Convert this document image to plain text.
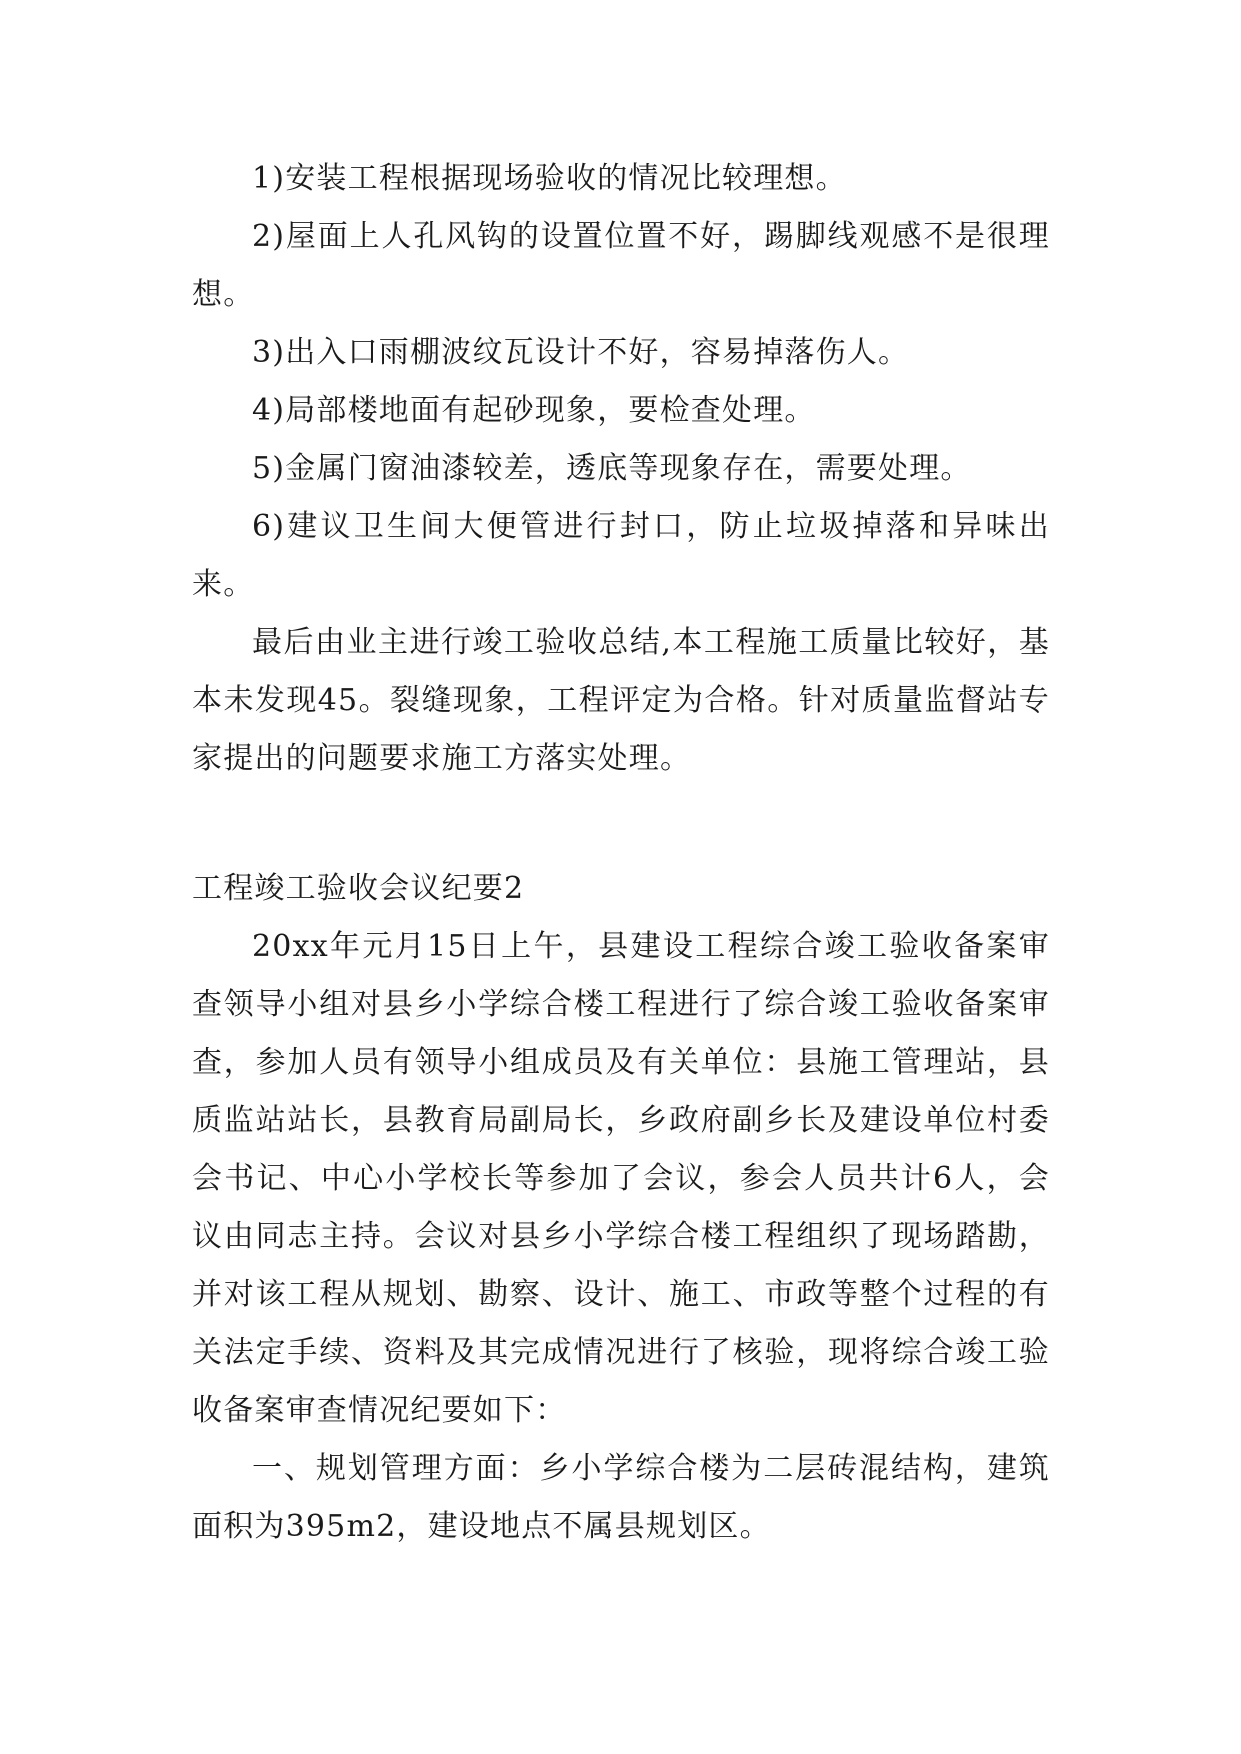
1)安装工程根据现场验收的情况比较理想。

2)屋面上人孔风钩的设置位置不好，踢脚线观感不是很理想。

3)出入口雨棚波纹瓦设计不好，容易掉落伤人。

4)局部楼地面有起砂现象，要检查处理。

5)金属门窗油漆较差，透底等现象存在，需要处理。

6)建议卫生间大便管进行封口，防止垃圾掉落和异味出来。

最后由业主进行竣工验收总结,本工程施工质量比较好，基本未发现45。裂缝现象，工程评定为合格。针对质量监督站专家提出的问题要求施工方落实处理。

工程竣工验收会议纪要2

20xx年元月15日上午，县建设工程综合竣工验收备案审查领导小组对县乡小学综合楼工程进行了综合竣工验收备案审查，参加人员有领导小组成员及有关单位：县施工管理站，县质监站站长，县教育局副局长，乡政府副乡长及建设单位村委会书记、中心小学校长等参加了会议，参会人员共计6人，会议由同志主持。会议对县乡小学综合楼工程组织了现场踏勘，并对该工程从规划、勘察、设计、施工、市政等整个过程的有关法定手续、资料及其完成情况进行了核验，现将综合竣工验收备案审查情况纪要如下：

一、规划管理方面：乡小学综合楼为二层砖混结构，建筑面积为395m2，建设地点不属县规划区。
